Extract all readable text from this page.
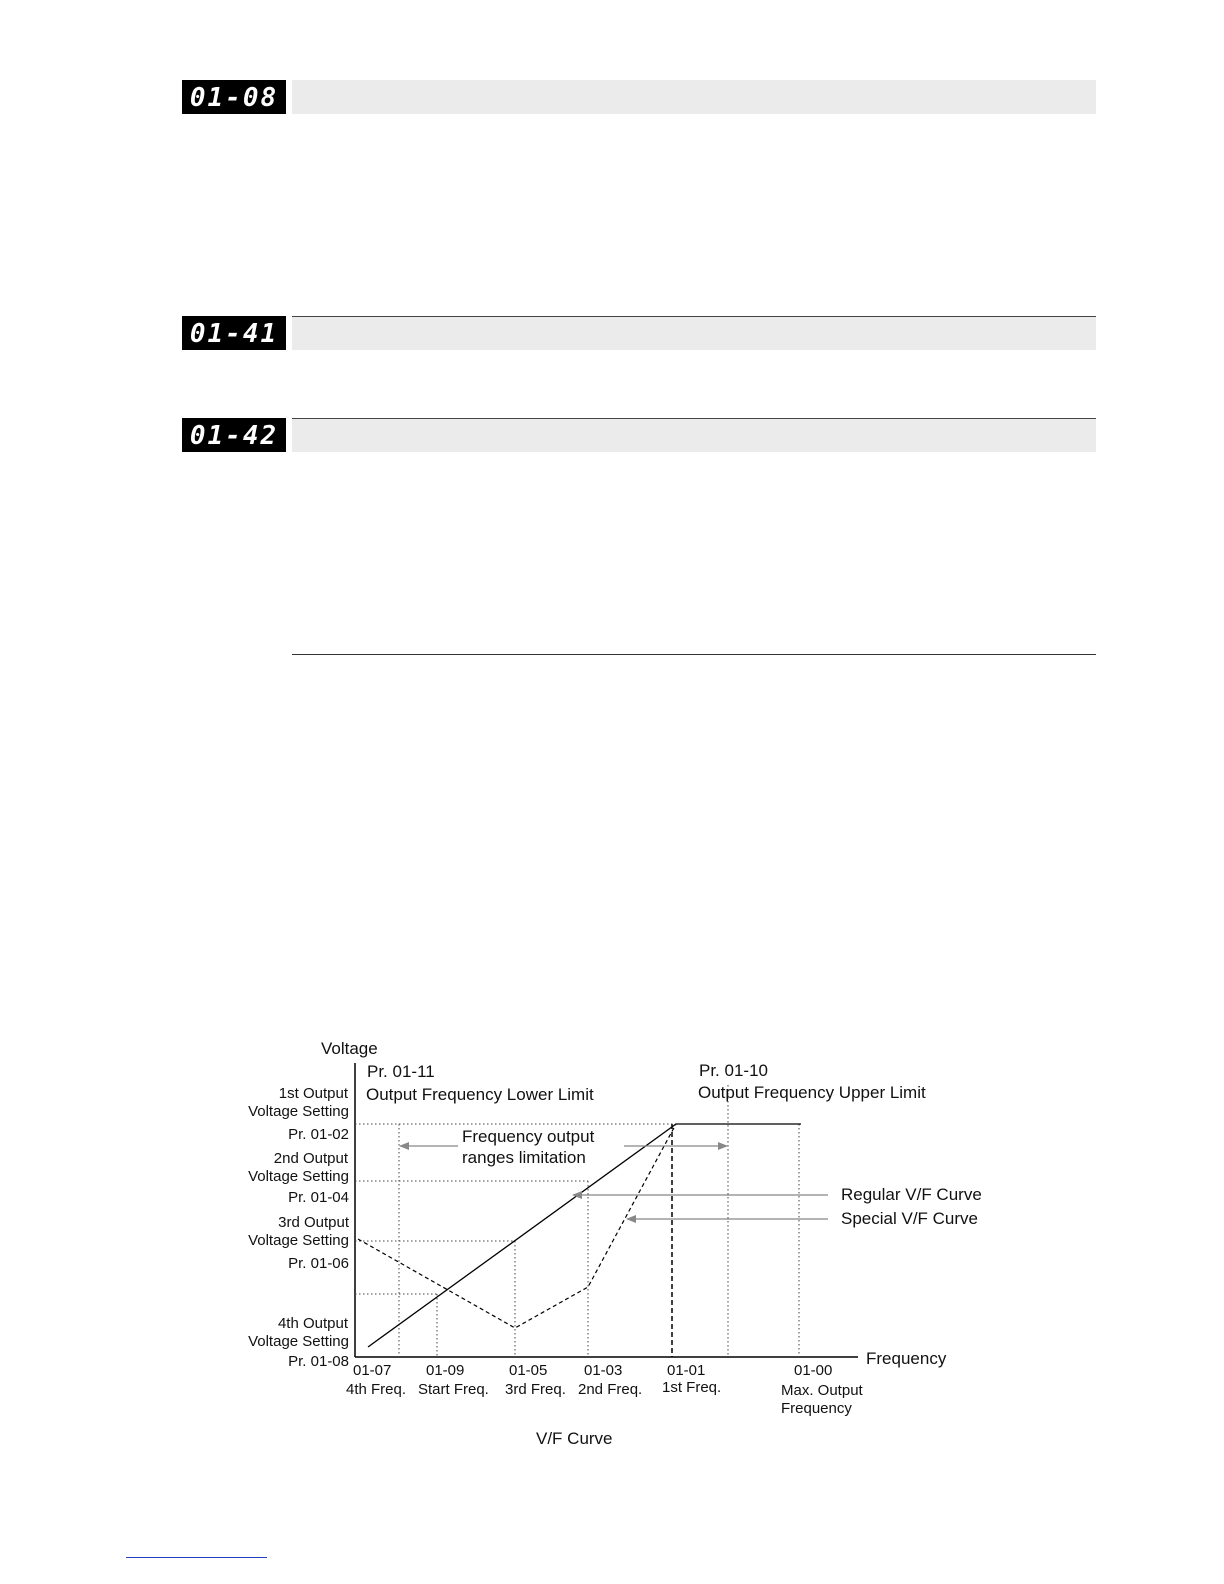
01-08
01-41
01-42
Voltage
Frequency
Pr. 01-11
Output Frequency Lower Limit
Pr. 01-10
Output Frequency Upper Limit
Frequency output
ranges limitation
Regular V/F Curve
Special V/F Curve
1st Output
Voltage Setting
Pr. 01-02
2nd Output
Voltage Setting
Pr. 01-04
3rd Output
Voltage Setting
Pr. 01-06
4th Output
Voltage Setting
Pr. 01-08
01-07
4th Freq.
01-09
Start Freq.
01-05
3rd Freq.
01-03
2nd Freq.
01-01
1st Freq.
01-00
Max. Output
Frequency
V/F Curve
